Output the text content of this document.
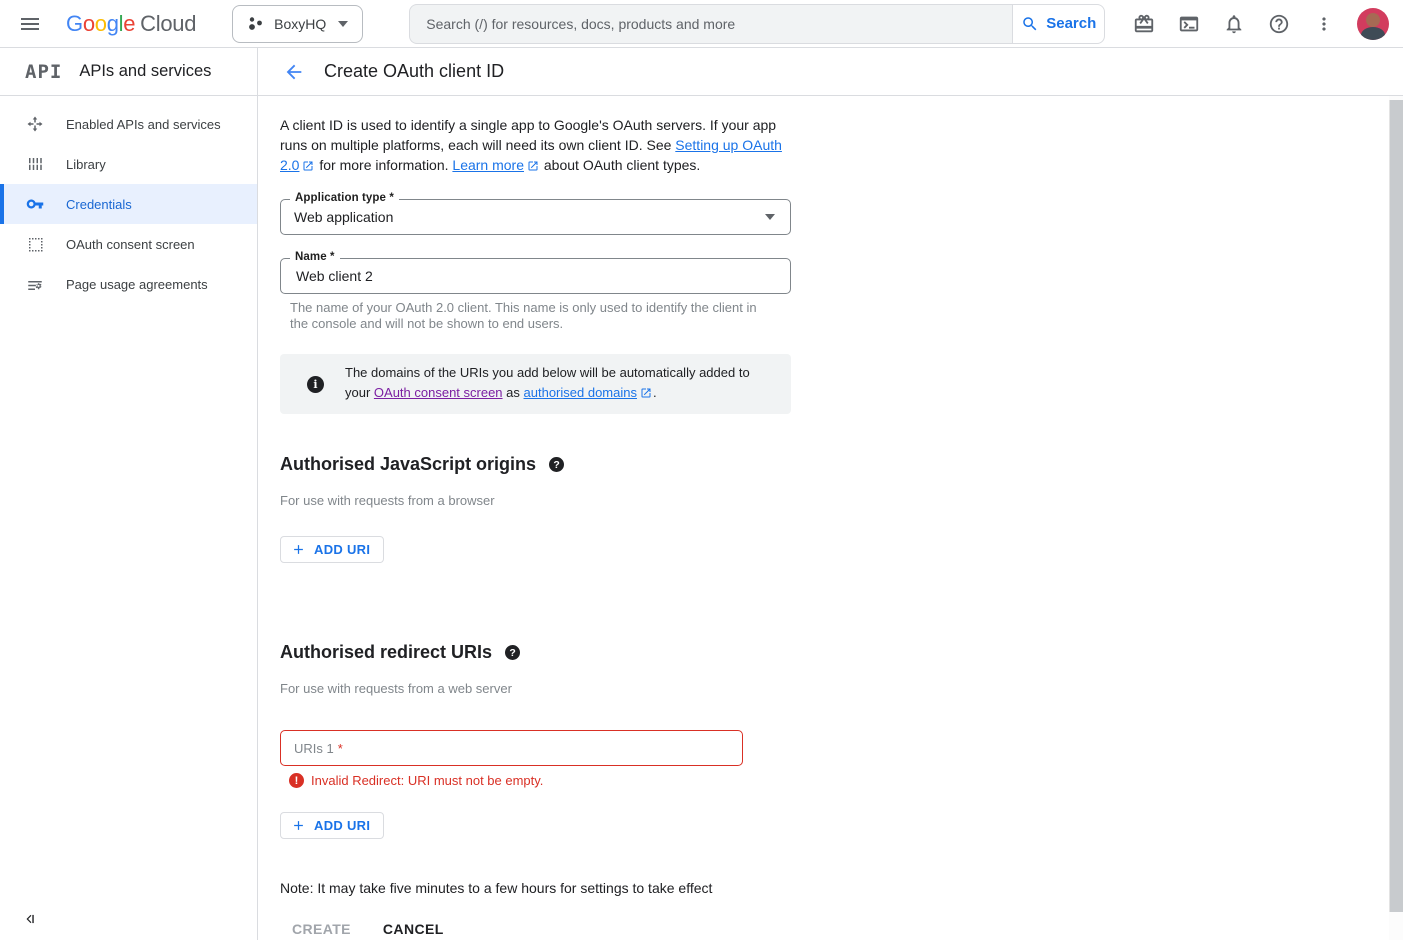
G o o g l e Cloud	BoxyHQ
Search (/) for resources, docs, products and more	Search
API APIs and services	Create OAuth client ID
Enabled APIs and services
Library
Credentials
OAuth consent screen
Page usage agreements

A client ID is used to identify a single app to Google's OAuth servers. If your app runs on multiple platforms, each will need its own client ID. See Setting up OAuth 2.0 for more information. Learn more about OAuth client types.

Application type *
Web application
Name *
Web client 2

The name of your OAuth 2.0 client. This name is only used to identify the client in the console and will not be shown to end users.

i
The domains of the URIs you add below will be automatically added to your OAuth consent screen as authorised domains .
Authorised JavaScript origins	?
For use with requests from a browser
ADD URI
Authorised redirect URIs	?
For use with requests from a web server
URIs 1 *
! Invalid Redirect: URI must not be empty.
ADD URI
Note: It may take five minutes to a few hours for settings to take effect
CREATE CANCEL
